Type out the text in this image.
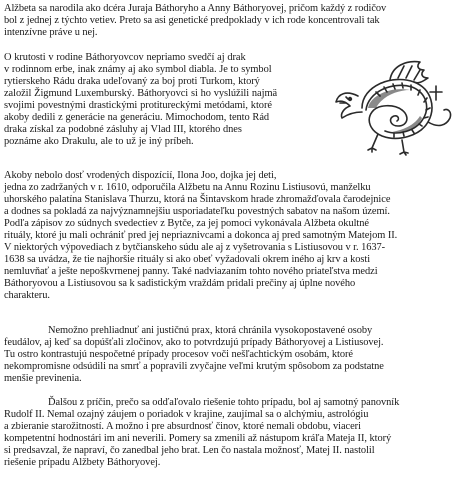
Alžbeta sa narodila ako dcéra Juraja Báthoryho a Anny Báthoryovej, pričom každý z rodičov
bol z jednej z týchto vetiev. Preto sa asi genetické predpoklady v ich rode koncentrovali tak
intenzívne práve u nej.
O krutosti v rodine Báthoryovcov nepriamo svedčí aj drak
v rodinnom erbe, inak známy aj ako symbol diabla. Je to symbol
rytierskeho Rádu draka udeľovaný za boj proti Turkom, ktorý
založil Žigmund Luxemburský. Báthoryovci si ho vyslúžili najmä
svojimi povestnými drastickými protitureckými metódami, ktoré
akoby dedili z generácie na generáciu. Mimochodom, tento Rád
draka získal za podobné zásluhy aj Vlad III, ktorého dnes
poznáme ako Drakulu, ale to už je iný príbeh.
Akoby nebolo dosť vrodených dispozícií, Ilona Joo, dojka jej deti,
jedna zo zadržaných v r. 1610, odporučila Alžbetu na Annu Rozinu Listiusovú, manželku
uhorského palatína Stanislava Thurzu, ktorá na Šintavskom hrade zhromažďovala čarodejnice
a dodnes sa pokladá za najvýznamnejšiu usporiadateľku povestných sabatov na našom území.
Podľa zápisov zo súdnych svedectiev z Bytče, za jej pomoci vykonávala Alžbeta okultné
rituály, ktoré ju mali ochrániť pred jej nepriaznivcami a dokonca aj pred samotným Matejom II.
V niektorých výpovediach z bytčianskeho súdu ale aj z vyšetrovania s Listiusovou v r. 1637-
1638 sa uvádza, že tie najhoršie rituály si ako obeť vyžadovali okrem iného aj krv a kosti
nemluvňať a ješte nepoškvrnenej panny. Také nadviazaním tohto nového priateľstva medzi
Báthoryovou a Listiusovou sa k sadistickým vraždám pridali prečiny aj úplne nového
charakteru.
Nemožno prehliadnuť ani justičnú prax, ktorá chránila vysokopostavené osoby
feudálov, aj keď sa dopúšťali zločinov, ako to potvrdzujú prípady Báthoryovej a Listiusovej.
Tu ostro kontrastujú nespočetné prípady procesov voči nešľachtickým osobám, ktoré
nekompromisne odsúdili na smrť a popravili zvyčajne veľmi krutým spôsobom za podstatne
menšie previnenia.
Ďalšou z príčin, prečo sa odďaľovalo riešenie tohto prípadu, bol aj samotný panovník
Rudolf II. Nemal ozajný záujem o poriadok v krajine, zaujímal sa o alchýmiu, astrológiu
a zbieranie starožitností. A možno i pre absurdnosť činov, ktoré nemali obdobu, viaceri
kompetentní hodnostári im ani neverili. Pomery sa zmenili až nástupom kráľa Mateja II, ktorý
si predsavzal, že napraví, čo zanedbal jeho brat. Len čo nastala možnosť, Matej II. nastolil
riešenie prípadu Alžbety Báthoryovej.
